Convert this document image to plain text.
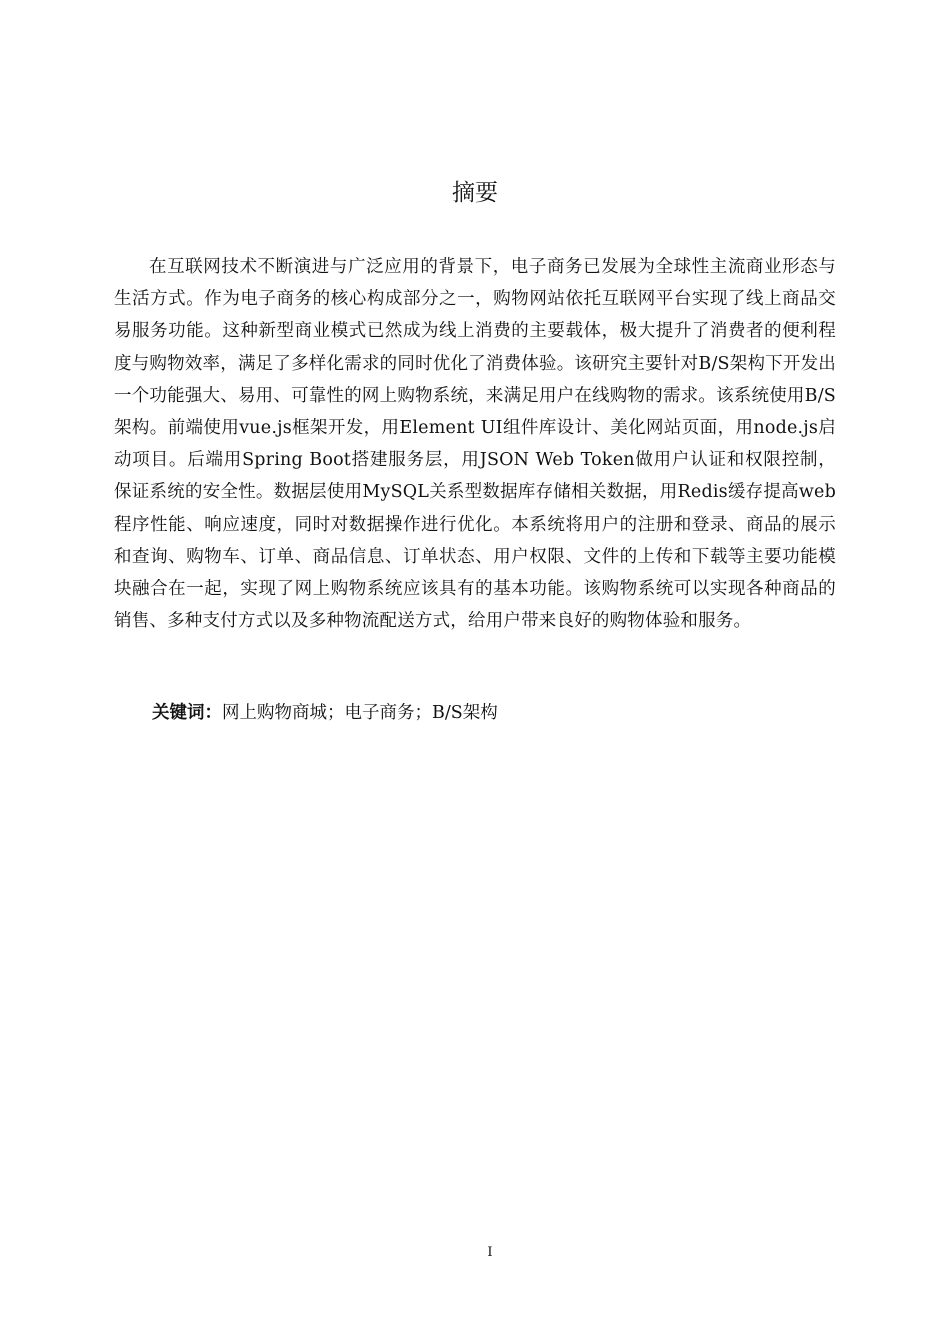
摘要

在互联网技术不断演进与广泛应用的背景下，电子商务已发展为全球性主流商业形态与生活方式。作为电子商务的核心构成部分之一，购物网站依托互联网平台实现了线上商品交易服务功能。这种新型商业模式已然成为线上消费的主要载体，极大提升了消费者的便利程度与购物效率，满足了多样化需求的同时优化了消费体验。该研究主要针对B/S架构下开发出一个功能强大、易用、可靠性的网上购物系统，来满足用户在线购物的需求。该系统使用B/S架构。前端使用vue.js框架开发，用Element UI组件库设计、美化网站页面，用node.js启动项目。后端用Spring Boot搭建服务层，用JSON Web Token做用户认证和权限控制，保证系统的安全性。数据层使用MySQL关系型数据库存储相关数据，用Redis缓存提高web程序性能、响应速度，同时对数据操作进行优化。本系统将用户的注册和登录、商品的展示和查询、购物车、订单、商品信息、订单状态、用户权限、文件的上传和下载等主要功能模块融合在一起，实现了网上购物系统应该具有的基本功能。该购物系统可以实现各种商品的销售、多种支付方式以及多种物流配送方式，给用户带来良好的购物体验和服务。

关键词：网上购物商城；电子商务；B/S架构

I
